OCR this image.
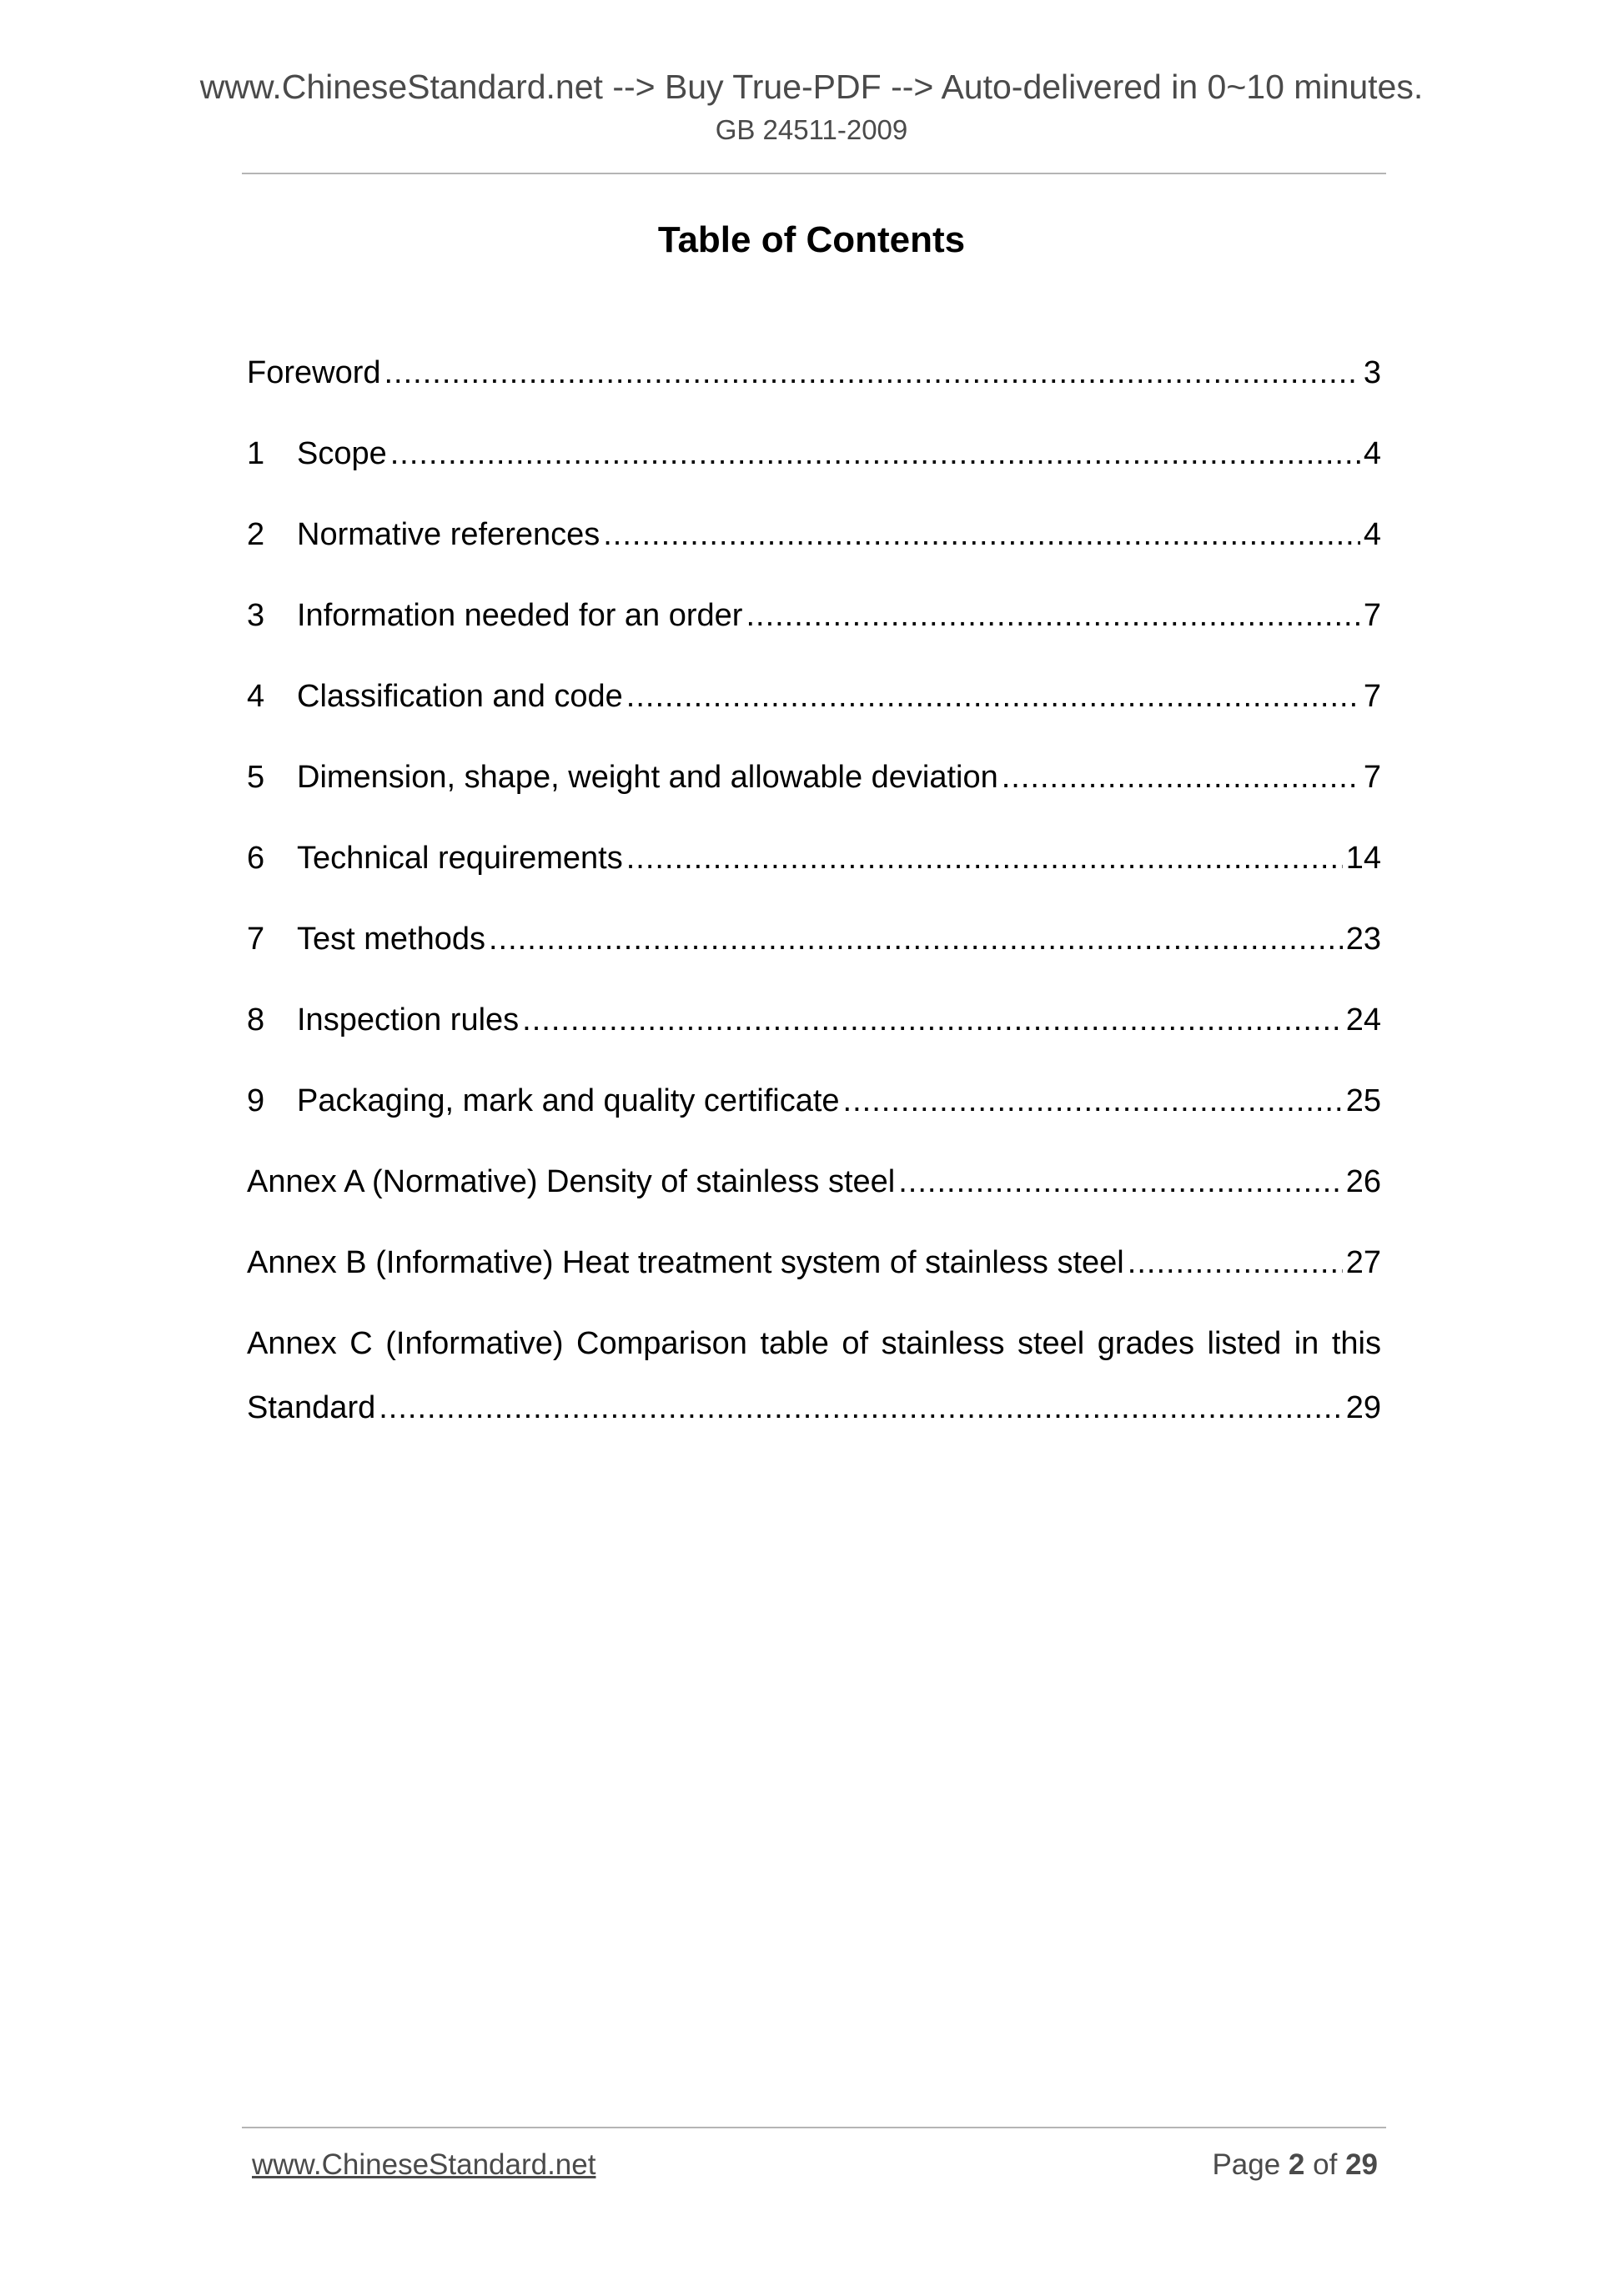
www.ChineseStandard.net --> Buy True-PDF --> Auto-delivered in 0~10 minutes.
GB 24511-2009
Table of Contents
Foreword .....	3
1	Scope .....	4
2	Normative references .....	4
3	Information needed for an order .....	7
4	Classification and code .....	7
5	Dimension, shape, weight and allowable deviation .....	7
6	Technical requirements .....	14
7	Test methods .....	23
8	Inspection rules .....	24
9	Packaging, mark and quality certificate .....	25
Annex A (Normative) Density of stainless steel .....	26
Annex B (Informative) Heat treatment system of stainless steel .....	27
Annex C (Informative) Comparison table of stainless steel grades listed in this
Standard .....	29
www.ChineseStandard.net	Page 2 of 29
